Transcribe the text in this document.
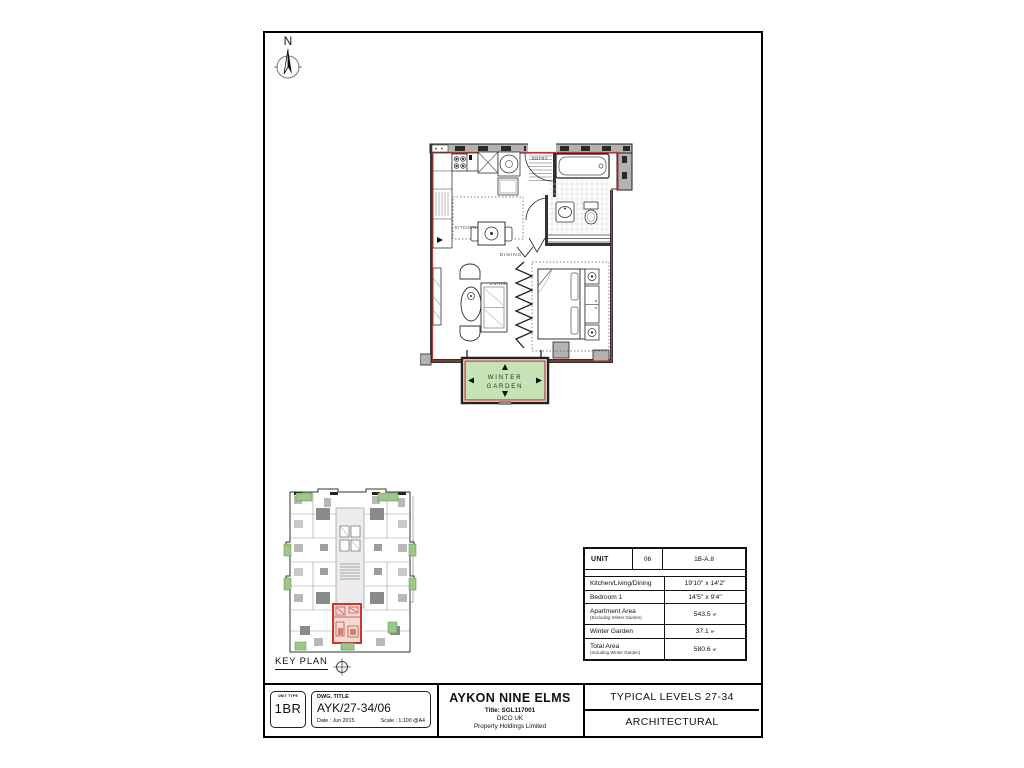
N
ENTRY
KITCHEN
DINING
LIVING
WINTER
GARDEN
KEY PLAN
UNIT	06	1B-A.8
Kitchen/Living/Dining	19'10" x 14'2"
Bedroom 1	14'5" x 9'4"
Apartment Area
(Excluding Winter Garden)	543.5 ft²
Winter Garden	37.1 ft²
Total Area
(Including Winter Garden)	580.6 ft²
UNIT TYPE
1BR
DWG. TITLE
AYK/27-34/06
Date : Jun 2015	Scale : 1:100 @A4
AYKON NINE ELMS
Title: SGL117001
DICO UK
Property Holdings Limited
TYPICAL LEVELS 27-34
ARCHITECTURAL
